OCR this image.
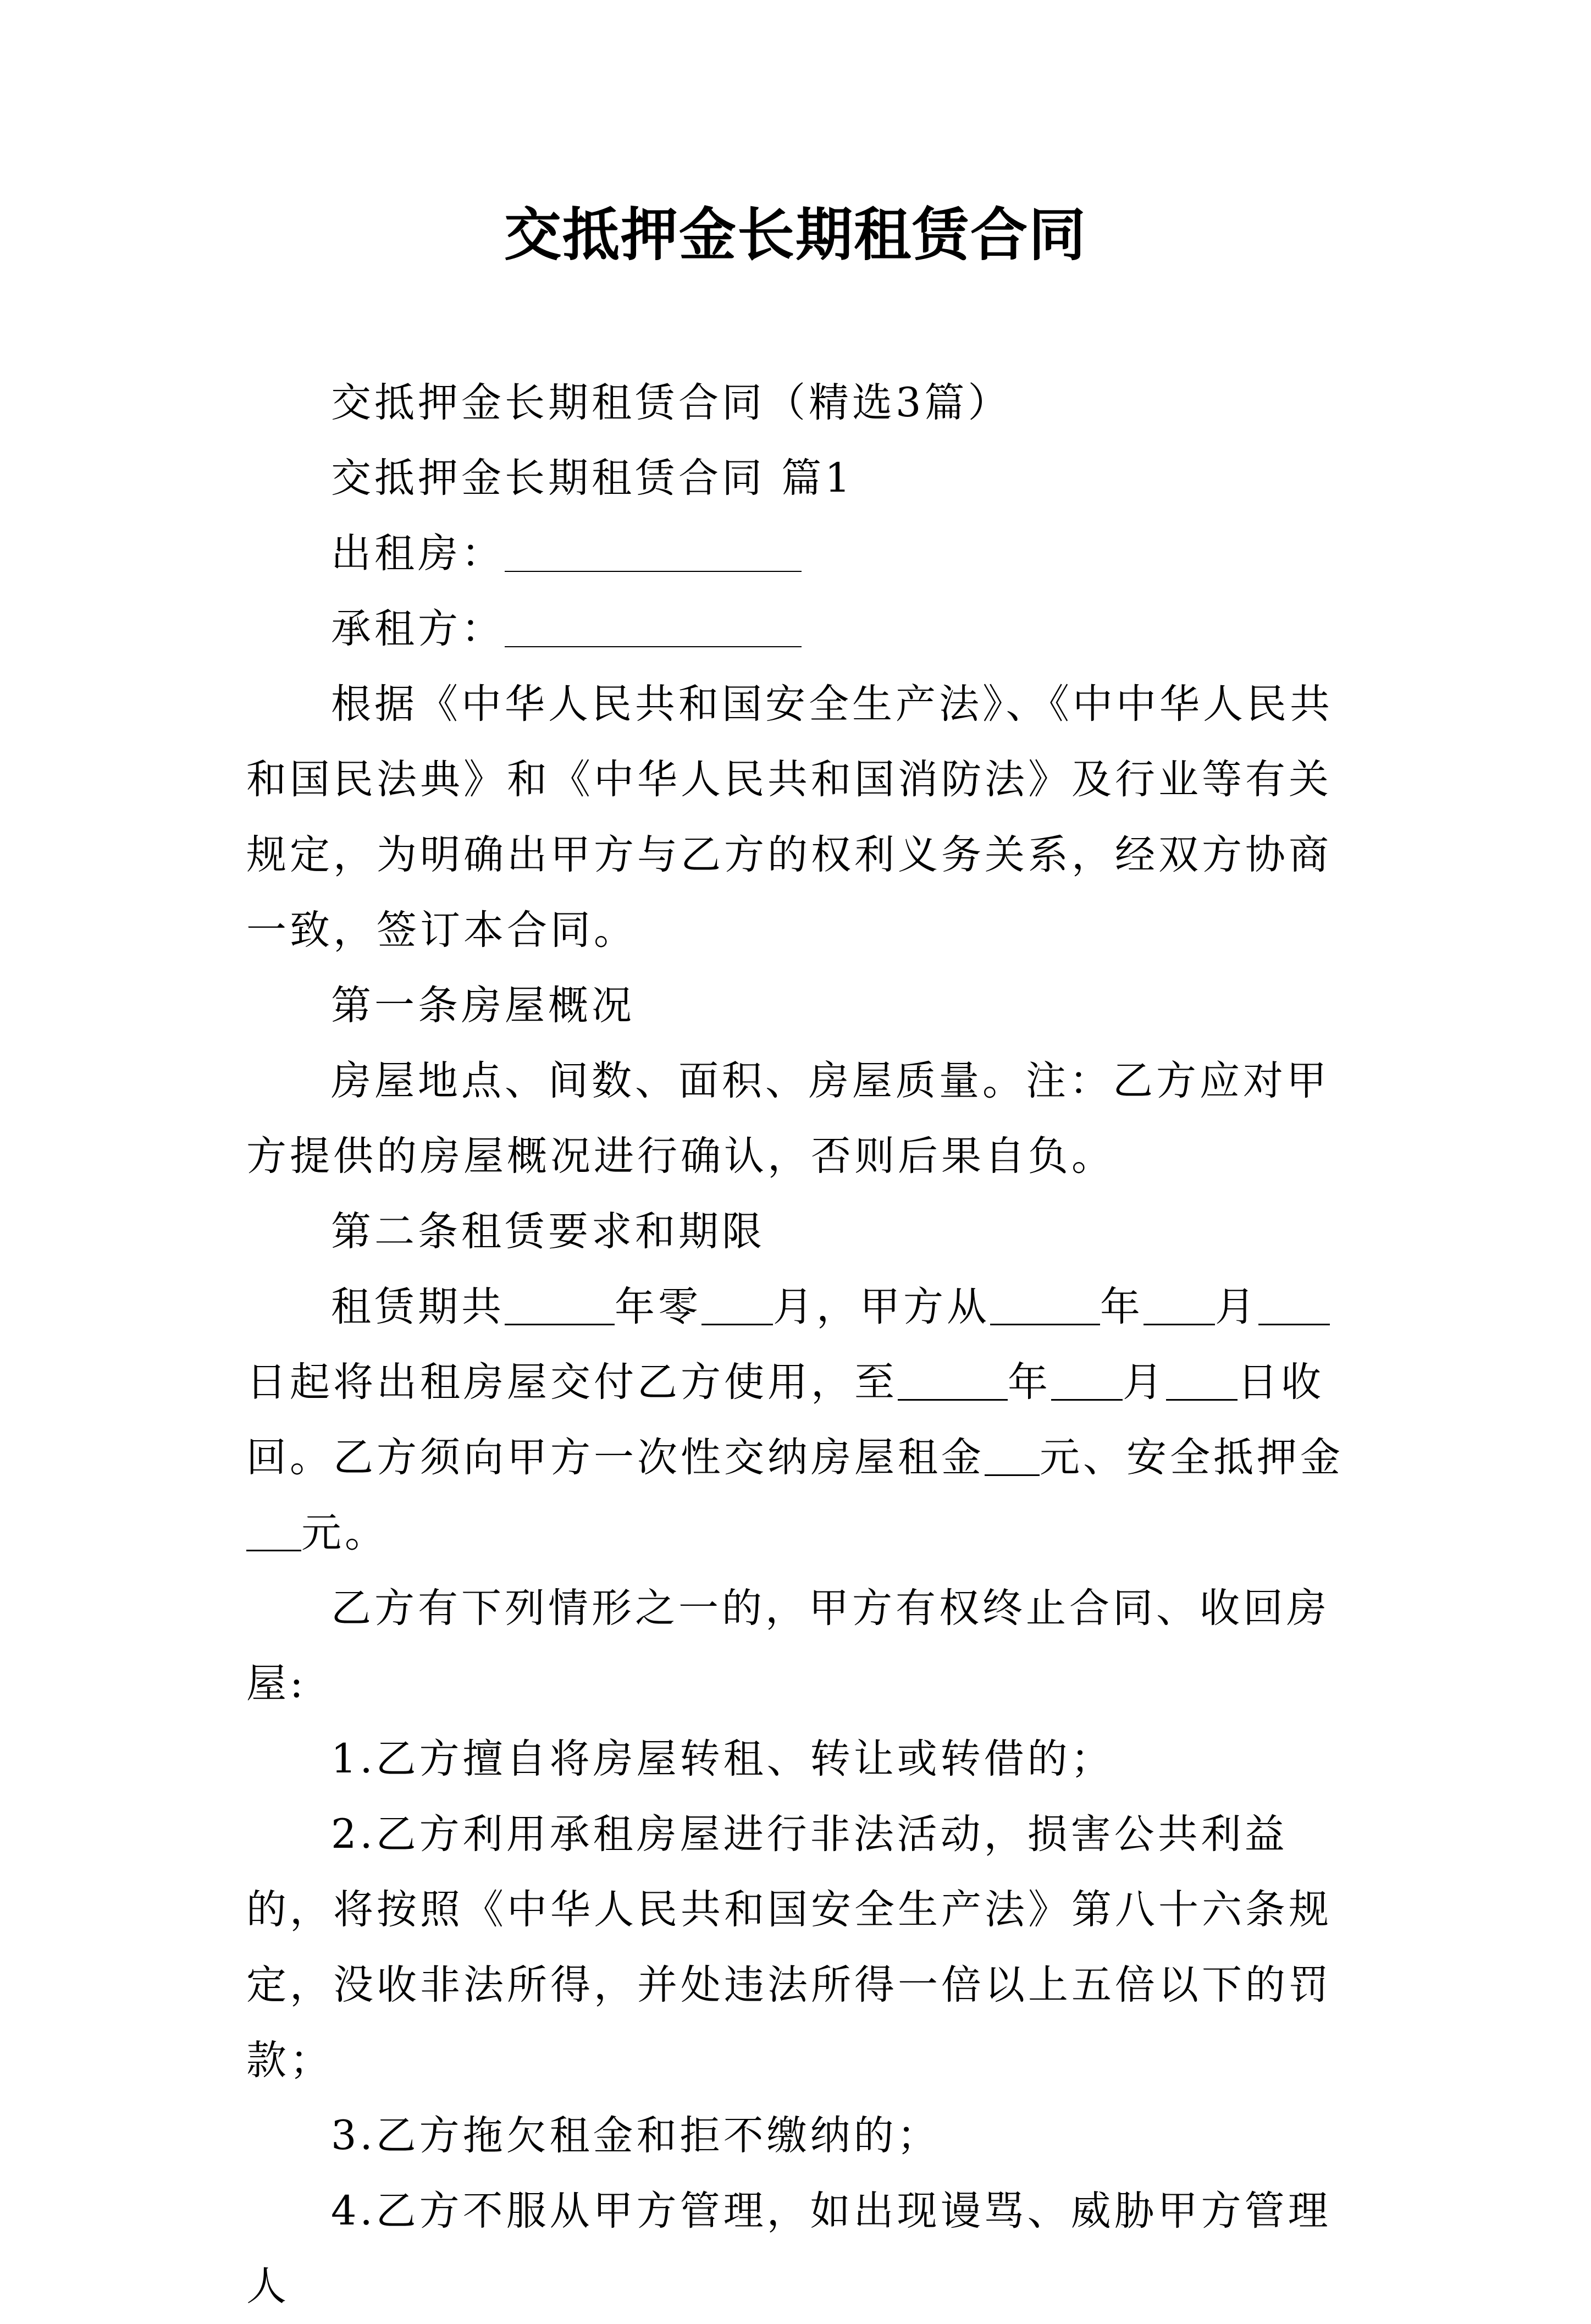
交抵押金长期租赁合同

交抵押金长期租赁合同（精选3篇）

交抵押金长期租赁合同 篇1

出租房：

承租方：

根据《中华人民共和国安全生产法》、《中中华人民共和国民法典》和《中华人民共和国消防法》及行业等有关规定，为明确出甲方与乙方的权利义务关系，经双方协商一致，签订本合同。

第一条房屋概况

房屋地点、间数、面积、房屋质量。注：乙方应对甲方提供的房屋概况进行确认，否则后果自负。

第二条租赁要求和期限

租赁期共	年零 月，甲方从	年 月日起将出租房屋交付乙方使用，至	年 月 日收回。乙方须向甲方一次性交纳房屋租金 元、安全抵押金元。

乙方有下列情形之一的，甲方有权终止合同、收回房屋:

1.乙方擅自将房屋转租、转让或转借的；

2.乙方利用承租房屋进行非法活动，损害公共利益的，将按照《中华人民共和国安全生产法》第八十六条规定，没收非法所得，并处违法所得一倍以上五倍以下的罚款；

3.乙方拖欠租金和拒不缴纳的；

4.乙方不服从甲方管理，如出现谩骂、威胁甲方管理人
